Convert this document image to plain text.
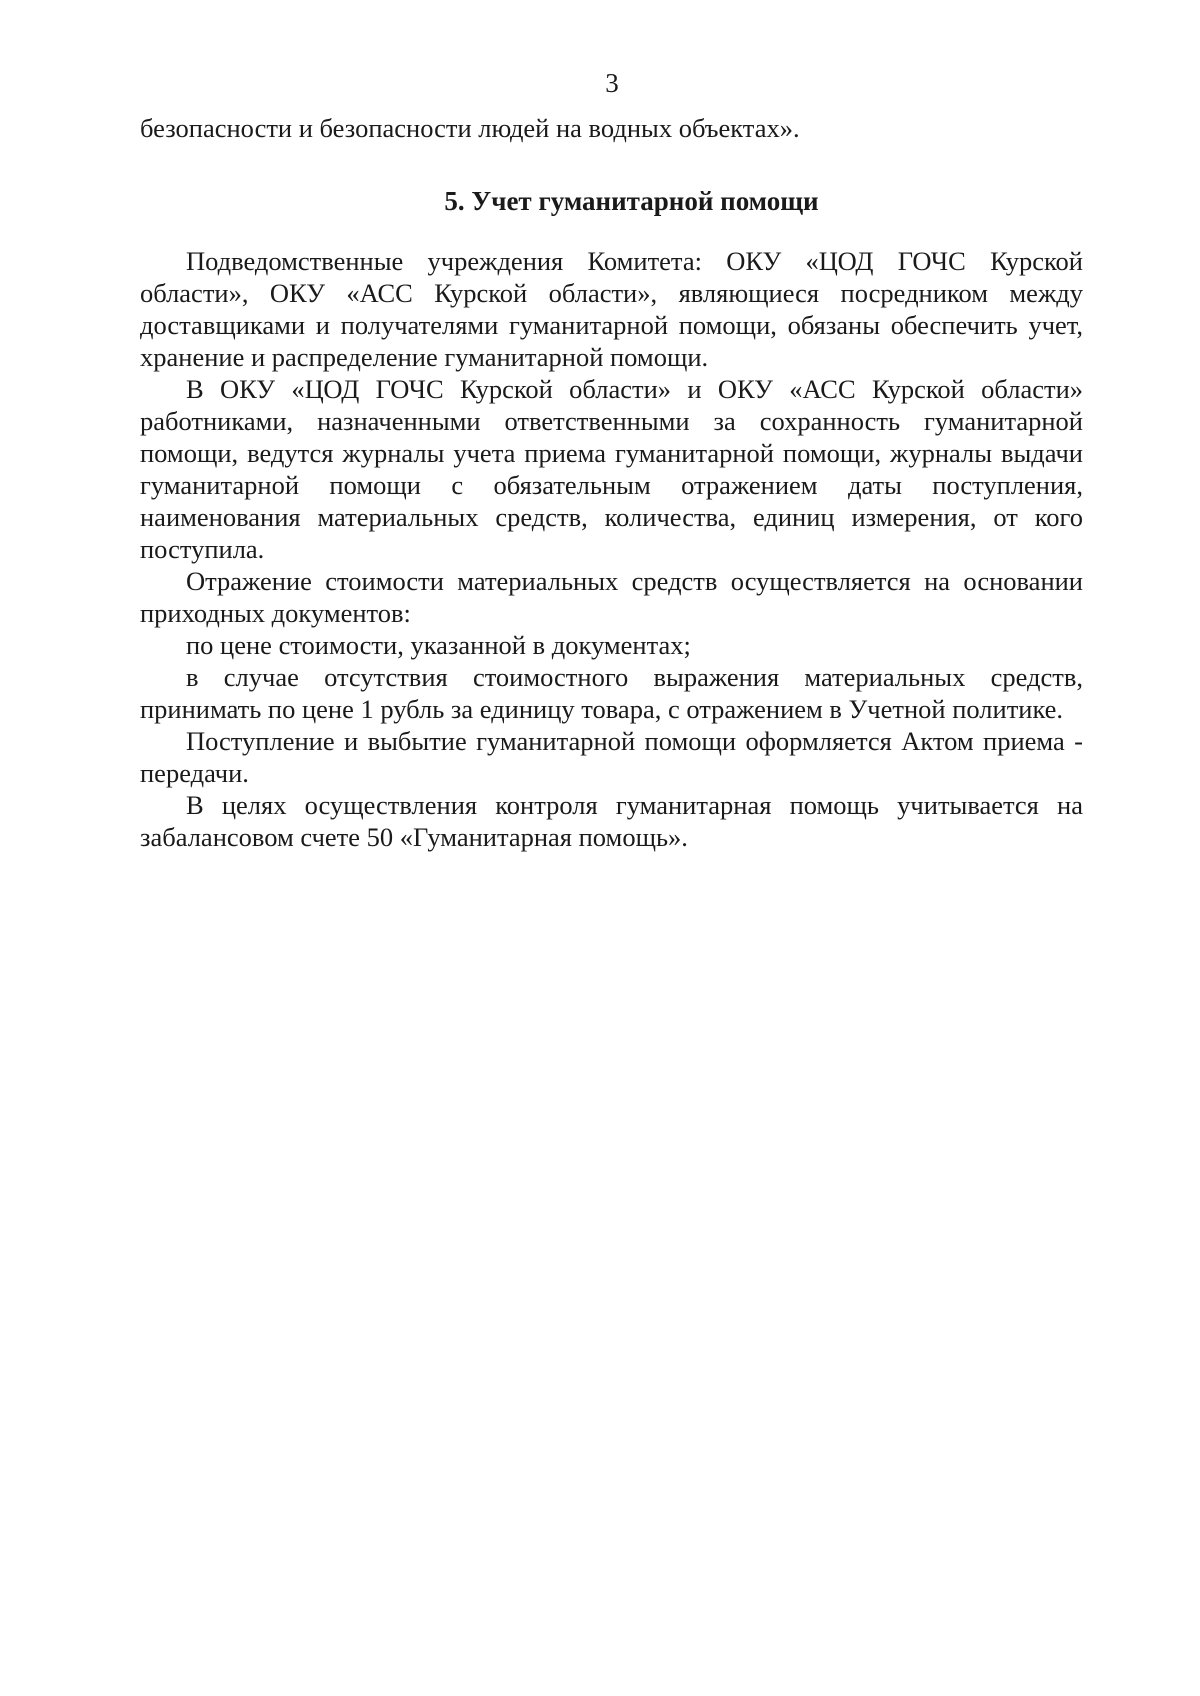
3

безопасности и безопасности людей на водных объектах».

5. Учет гуманитарной помощи

Подведомственные учреждения Комитета: ОКУ «ЦОД ГОЧС Курской области», ОКУ «АСС Курской области», являющиеся посредником между доставщиками и получателями гуманитарной помощи, обязаны обеспечить учет, хранение и распределение гуманитарной помощи.

В ОКУ «ЦОД ГОЧС Курской области» и ОКУ «АСС Курской области» работниками, назначенными ответственными за сохранность гуманитарной помощи, ведутся журналы учета приема гуманитарной помощи, журналы выдачи гуманитарной помощи с обязательным отражением даты поступления, наименования материальных средств, количества, единиц измерения, от кого поступила.

Отражение стоимости материальных средств осуществляется на основании приходных документов:

по цене стоимости, указанной в документах;

в случае отсутствия стоимостного выражения материальных средств, принимать по цене 1 рубль за единицу товара, с отражением в Учетной политике.

Поступление и выбытие гуманитарной помощи оформляется Актом приема - передачи.

В целях осуществления контроля гуманитарная помощь учитывается на забалансовом счете 50 «Гуманитарная помощь».
